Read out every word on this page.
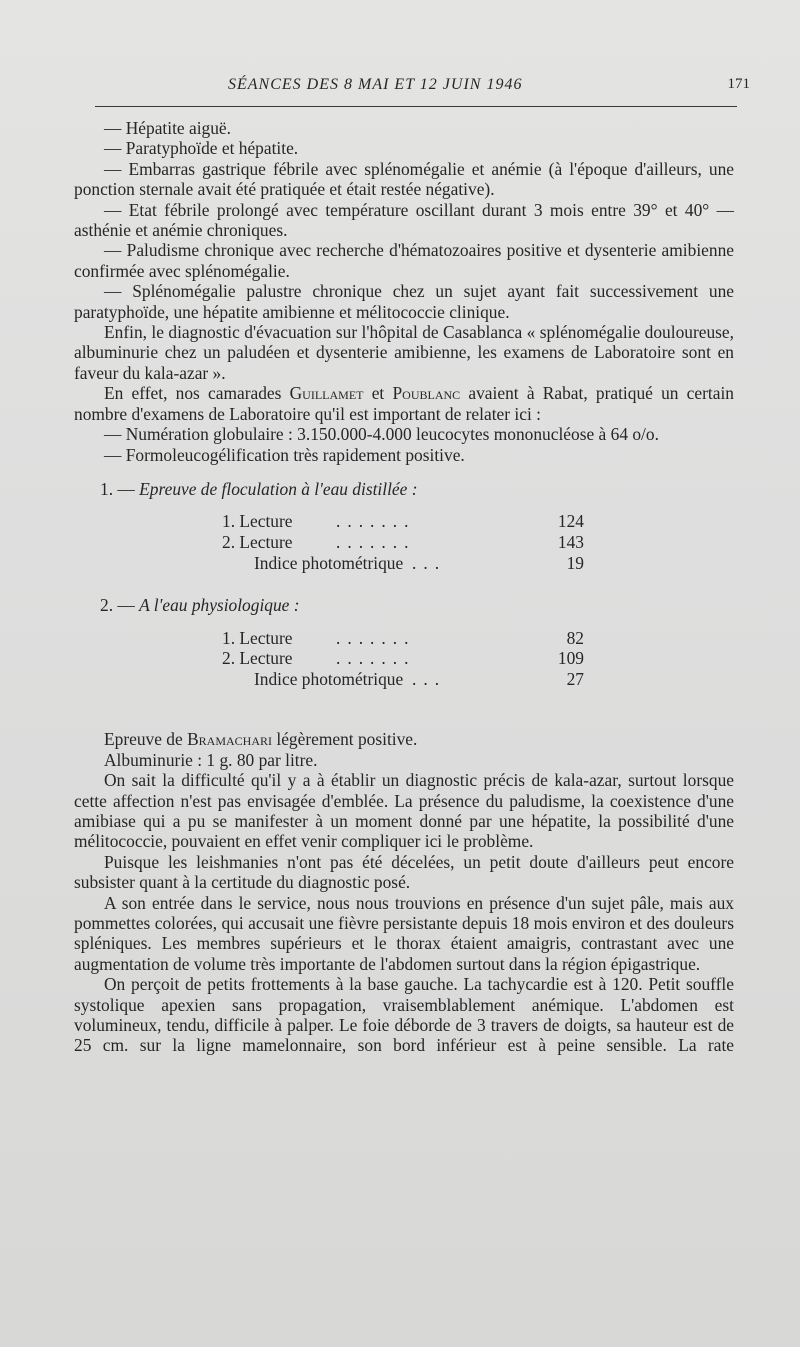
SÉANCES DES 8 MAI ET 12 JUIN 1946	171

— Hépatite aiguë.

— Paratyphoïde et hépatite.

— Embarras gastrique fébrile avec splénomégalie et anémie (à l'époque d'ailleurs, une ponction sternale avait été pratiquée et était restée négative).

— Etat fébrile prolongé avec température oscillant durant 3 mois entre 39° et 40° — asthénie et anémie chroniques.

— Paludisme chronique avec recherche d'hématozoaires positive et dysenterie amibienne confirmée avec splénomégalie.

— Splénomégalie palustre chronique chez un sujet ayant fait successivement une paratyphoïde, une hépatite amibienne et mélitococcie clinique.

Enfin, le diagnostic d'évacuation sur l'hôpital de Casablanca « splénomégalie douloureuse, albuminurie chez un paludéen et dysenterie amibienne, les examens de Laboratoire sont en faveur du kala-azar ».

En effet, nos camarades Guillamet et Poublanc avaient à Rabat, pratiqué un certain nombre d'examens de Laboratoire qu'il est important de relater ici :

— Numération globulaire : 3.150.000-4.000 leucocytes mononucléose à 64 o/o.

— Formoleucogélification très rapidement positive.

1. — Epreuve de floculation à l'eau distillée :
1. Lecture	.......	124
2. Lecture	.......	143
Indice photométrique ...	19
2. — A l'eau physiologique :
1. Lecture	.......	82
2. Lecture	.......	109
Indice photométrique ...	27

Epreuve de Bramachari légèrement positive.

Albuminurie : 1 g. 80 par litre.

On sait la difficulté qu'il y a à établir un diagnostic précis de kala-azar, surtout lorsque cette affection n'est pas envisagée d'emblée. La présence du paludisme, la coexistence d'une amibiase qui a pu se manifester à un moment donné par une hépatite, la possibilité d'une mélitococcie, pouvaient en effet venir compliquer ici le problème.

Puisque les leishmanies n'ont pas été décelées, un petit doute d'ailleurs peut encore subsister quant à la certitude du diagnostic posé.

A son entrée dans le service, nous nous trouvions en présence d'un sujet pâle, mais aux pommettes colorées, qui accusait une fièvre persistante depuis 18 mois environ et des douleurs spléniques. Les membres supérieurs et le thorax étaient amaigris, contrastant avec une augmentation de volume très importante de l'abdomen surtout dans la région épigastrique.

On perçoit de petits frottements à la base gauche. La tachycardie est à 120. Petit souffle systolique apexien sans propagation, vraisemblablement anémique. L'abdomen est volumineux, tendu, difficile à palper. Le foie déborde de 3 travers de doigts, sa hauteur est de 25 cm. sur la ligne mamelonnaire, son bord inférieur est à peine sensible. La rate
